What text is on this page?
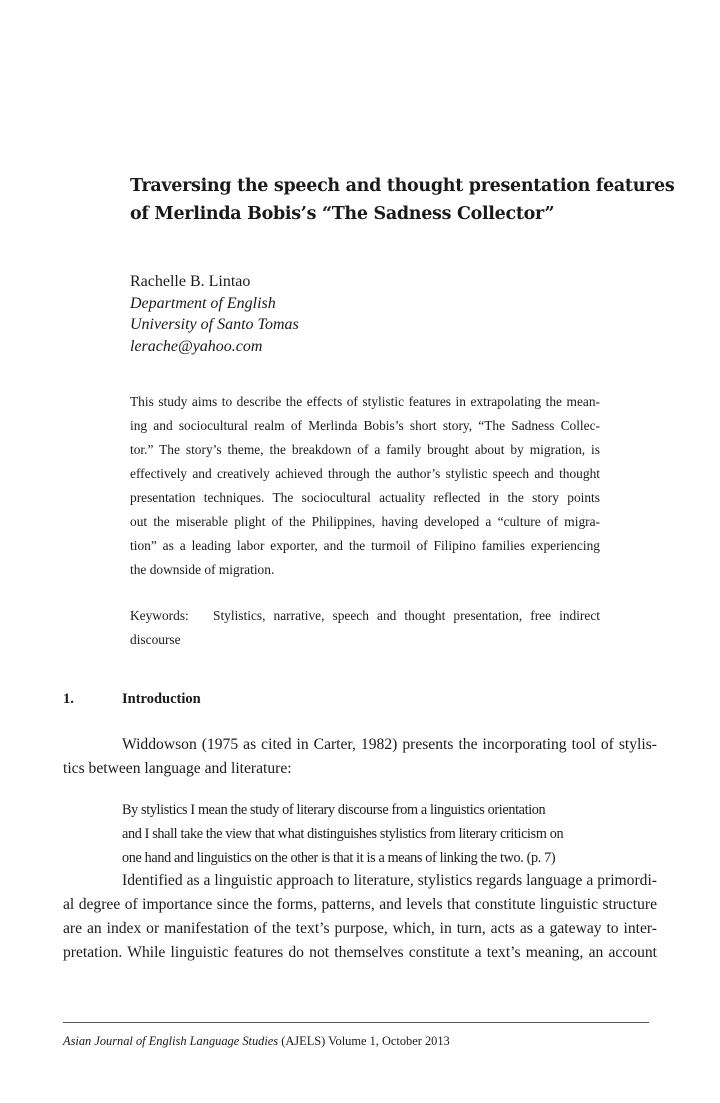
Traversing the speech and thought presentation features
of Merlinda Bobis’s “The Sadness Collector”
Rachelle B. Lintao
Department of English
University of Santo Tomas
lerache@yahoo.com
This study aims to describe the effects of stylistic features in extrapolating the mean-
ing and sociocultural realm of Merlinda Bobis’s short story, “The Sadness Collec-
tor.” The story’s theme, the breakdown of a family brought about by migration, is
effectively and creatively achieved through the author’s stylistic speech and thought
presentation techniques. The sociocultural actuality reflected in the story points
out the miserable plight of the Philippines, having developed a “culture of migra-
tion” as a leading labor exporter, and the turmoil of Filipino families experiencing
the downside of migration.
Keywords:	Stylistics, narrative, speech and thought presentation, free indirect
discourse
1.	Introduction
Widdowson (1975 as cited in Carter, 1982) presents the incorporating tool of stylis-
tics between language and literature:
By stylistics I mean the study of literary discourse from a linguistics orientation
and I shall take the view that what distinguishes stylistics from literary criticism on
one hand and linguistics on the other is that it is a means of linking the two. (p. 7)
Identified as a linguistic approach to literature, stylistics regards language a primordi-
al degree of importance since the forms, patterns, and levels that constitute linguistic structure
are an index or manifestation of the text’s purpose, which, in turn, acts as a gateway to inter-
pretation. While linguistic features do not themselves constitute a text’s meaning, an account
Asian Journal of English Language Studies (AJELS) Volume 1, October 2013
